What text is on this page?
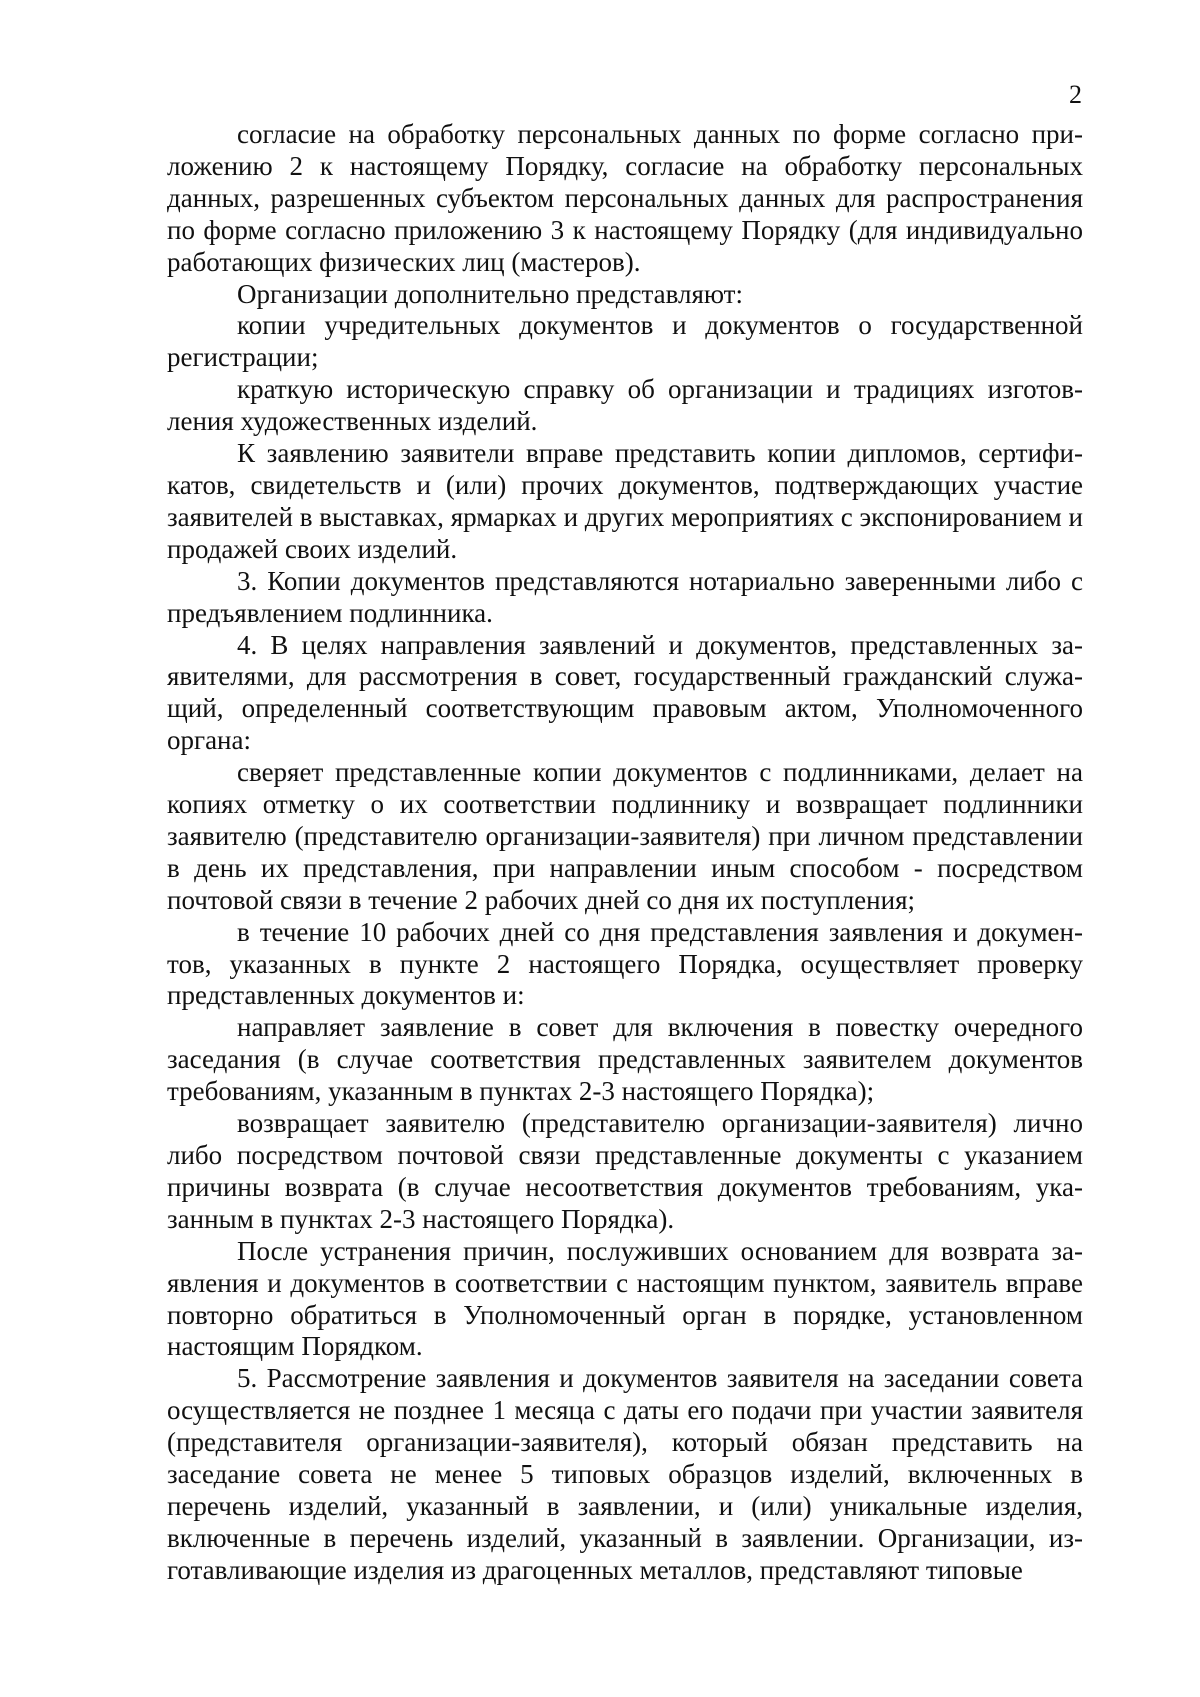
2

согласие на обработку персональных данных по форме согласно приложению 2 к настоящему Порядку, согласие на обработку персональных данных, разрешенных субъектом персональных данных для распространения по форме согласно приложению 3 к настоящему Порядку (для индивидуально работающих физических лиц (мастеров).

Организации дополнительно представляют:

копии учредительных документов и документов о государственной регистрации;

краткую историческую справку об организации и традициях изготовления художественных изделий.

К заявлению заявители вправе представить копии дипломов, сертификатов, свидетельств и (или) прочих документов, подтверждающих участие заявителей в выставках, ярмарках и других мероприятиях с экспонированием и продажей своих изделий.

3. Копии документов представляются нотариально заверенными либо с предъявлением подлинника.

4. В целях направления заявлений и документов, представленных заявителями, для рассмотрения в совет, государственный гражданский служащий, определенный соответствующим правовым актом, Уполномоченного органа:

сверяет представленные копии документов с подлинниками, делает на копиях отметку о их соответствии подлиннику и возвращает подлинники заявителю (представителю организации-заявителя) при личном представлении в день их представления, при направлении иным способом - посредством почтовой связи в течение 2 рабочих дней со дня их поступления;

в течение 10 рабочих дней со дня представления заявления и документов, указанных в пункте 2 настоящего Порядка, осуществляет проверку представленных документов и:

направляет заявление в совет для включения в повестку очередного заседания (в случае соответствия представленных заявителем документов требованиям, указанным в пунктах 2-3 настоящего Порядка);

возвращает заявителю (представителю организации-заявителя) лично либо посредством почтовой связи представленные документы с указанием причины возврата (в случае несоответствия документов требованиям, указанным в пунктах 2-3 настоящего Порядка).

После устранения причин, послуживших основанием для возврата заявления и документов в соответствии с настоящим пунктом, заявитель вправе повторно обратиться в Уполномоченный орган в порядке, установленном настоящим Порядком.

5. Рассмотрение заявления и документов заявителя на заседании совета осуществляется не позднее 1 месяца с даты его подачи при участии заявителя (представителя организации-заявителя), который обязан представить на заседание совета не менее 5 типовых образцов изделий, включенных в перечень изделий, указанный в заявлении, и (или) уникальные изделия, включенные в перечень изделий, указанный в заявлении. Организации, изготавливающие изделия из драгоценных металлов, представляют типовые
